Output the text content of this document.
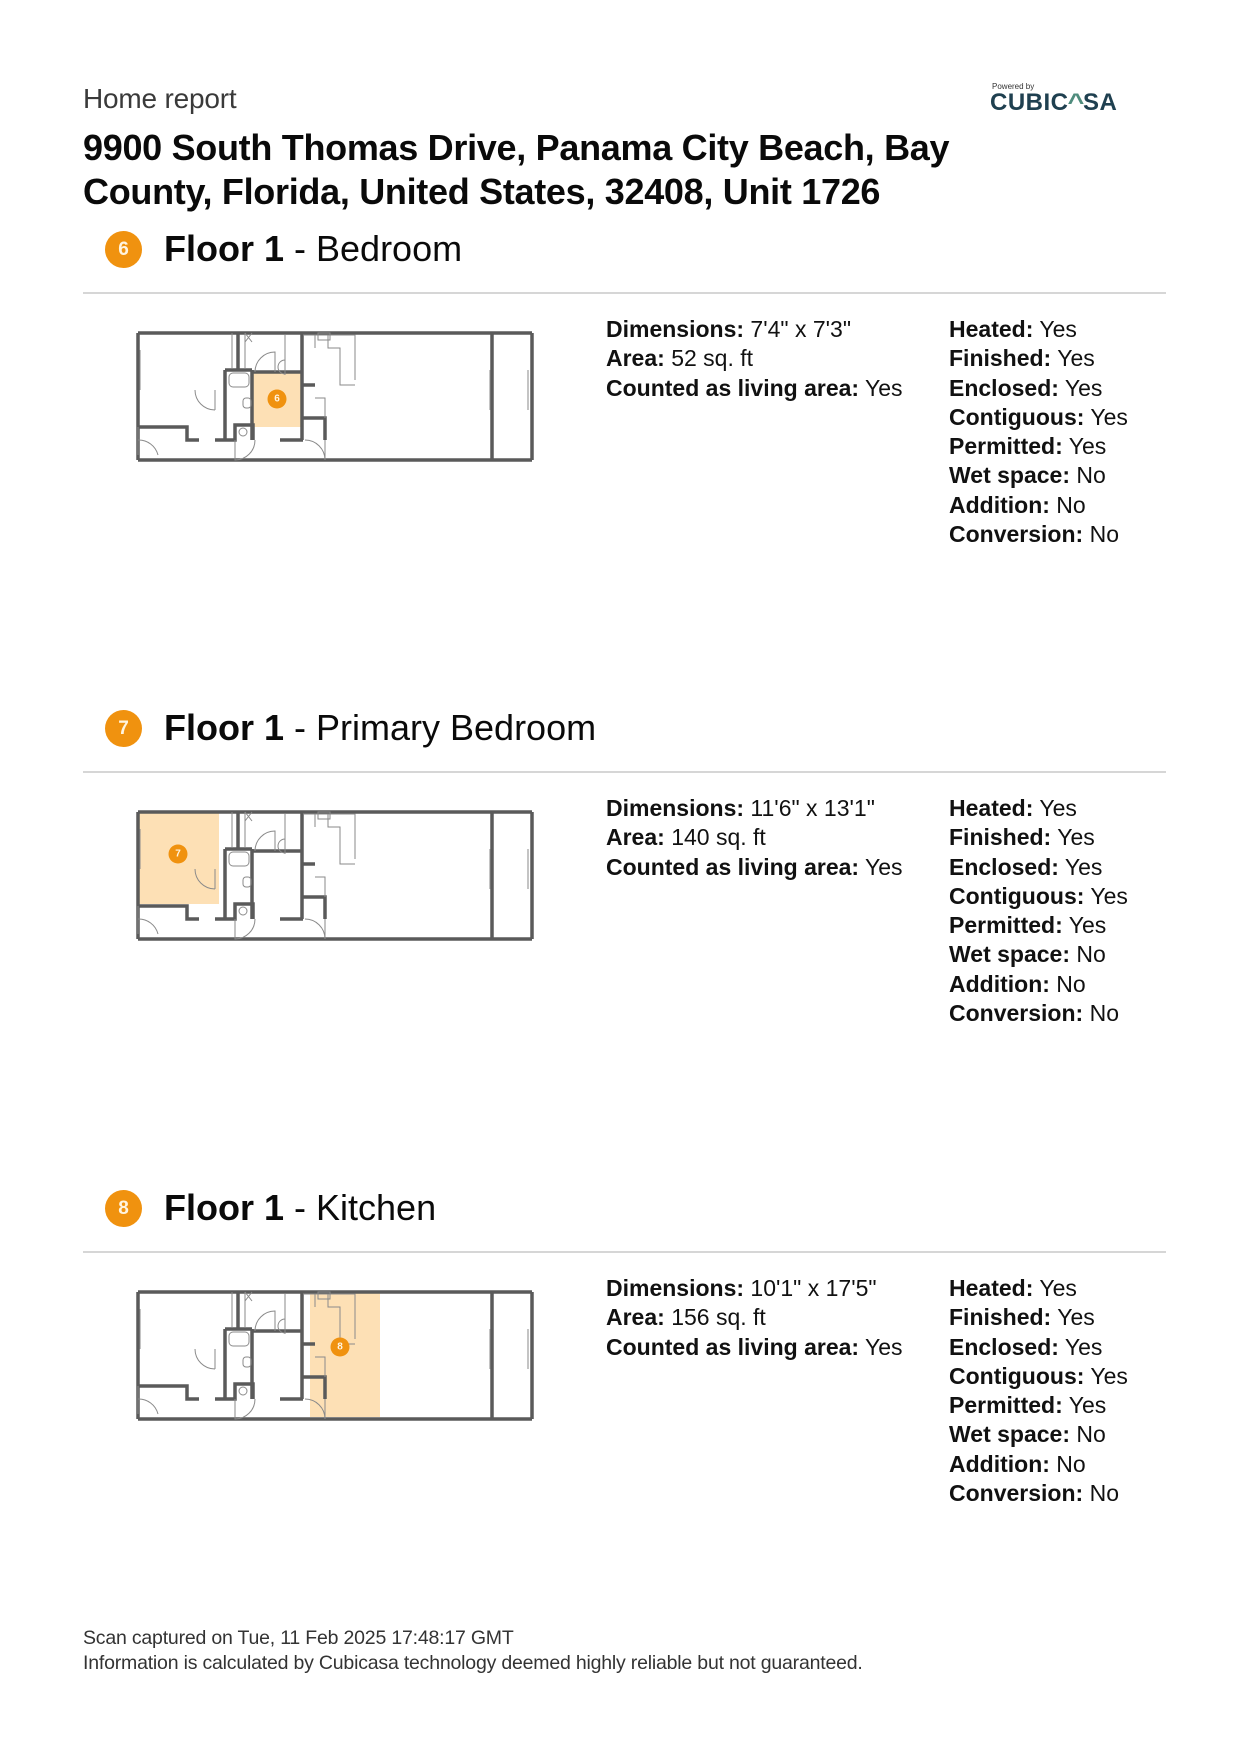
Home report
9900 South Thomas Drive, Panama City Beach, Bay County, Florida, United States, 32408, Unit 1726
Powered by
CUBIC^SA
6 Floor 1 - Bedroom
6
Dimensions: 7'4" x 7'3"
Area: 52 sq. ft
Counted as living area: Yes
Heated: Yes
Finished: Yes
Enclosed: Yes
Contiguous: Yes
Permitted: Yes
Wet space: No
Addition: No
Conversion: No
7 Floor 1 - Primary Bedroom
7
Dimensions: 11'6" x 13'1"
Area: 140 sq. ft
Counted as living area: Yes
Heated: Yes
Finished: Yes
Enclosed: Yes
Contiguous: Yes
Permitted: Yes
Wet space: No
Addition: No
Conversion: No
8 Floor 1 - Kitchen
8
Dimensions: 10'1" x 17'5"
Area: 156 sq. ft
Counted as living area: Yes
Heated: Yes
Finished: Yes
Enclosed: Yes
Contiguous: Yes
Permitted: Yes
Wet space: No
Addition: No
Conversion: No
Scan captured on Tue, 11 Feb 2025 17:48:17 GMT
Information is calculated by Cubicasa technology deemed highly reliable but not guaranteed.
